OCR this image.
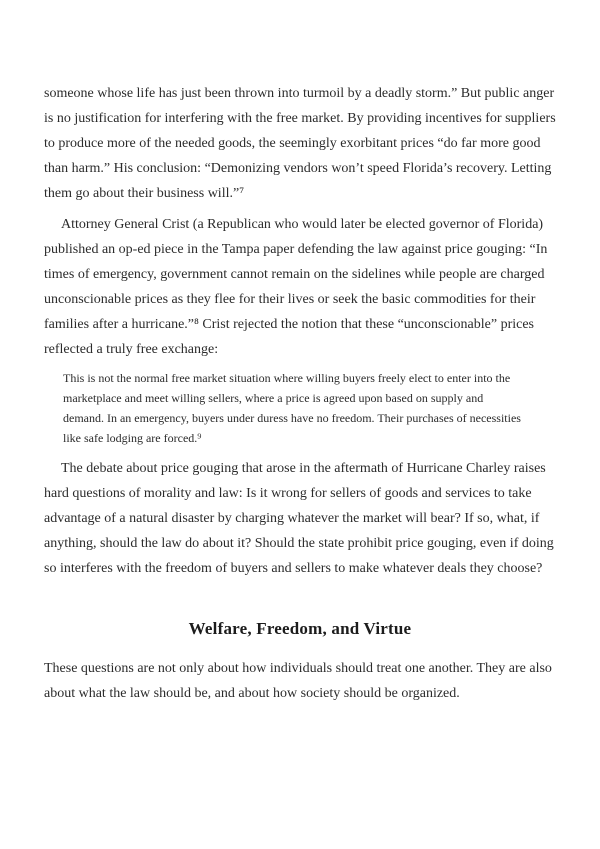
someone whose life has just been thrown into turmoil by a deadly storm.” But public anger is no justification for interfering with the free market. By providing incentives for suppliers to produce more of the needed goods, the seemingly exorbitant prices “do far more good than harm.” His conclusion: “Demonizing vendors won’t speed Florida’s recovery. Letting them go about their business will.”⁷

Attorney General Crist (a Republican who would later be elected governor of Florida) published an op-ed piece in the Tampa paper defending the law against price gouging: “In times of emergency, government cannot remain on the sidelines while people are charged unconscionable prices as they flee for their lives or seek the basic commodities for their families after a hurricane.”⁸ Crist rejected the notion that these “unconscionable” prices reflected a truly free exchange:

This is not the normal free market situation where willing buyers freely elect to enter into the marketplace and meet willing sellers, where a price is agreed upon based on supply and demand. In an emergency, buyers under duress have no freedom. Their purchases of necessities like safe lodging are forced.⁹

The debate about price gouging that arose in the aftermath of Hurricane Charley raises hard questions of morality and law: Is it wrong for sellers of goods and services to take advantage of a natural disaster by charging whatever the market will bear? If so, what, if anything, should the law do about it? Should the state prohibit price gouging, even if doing so interferes with the freedom of buyers and sellers to make whatever deals they choose?

Welfare, Freedom, and Virtue

These questions are not only about how individuals should treat one another. They are also about what the law should be, and about how society should be organized.
